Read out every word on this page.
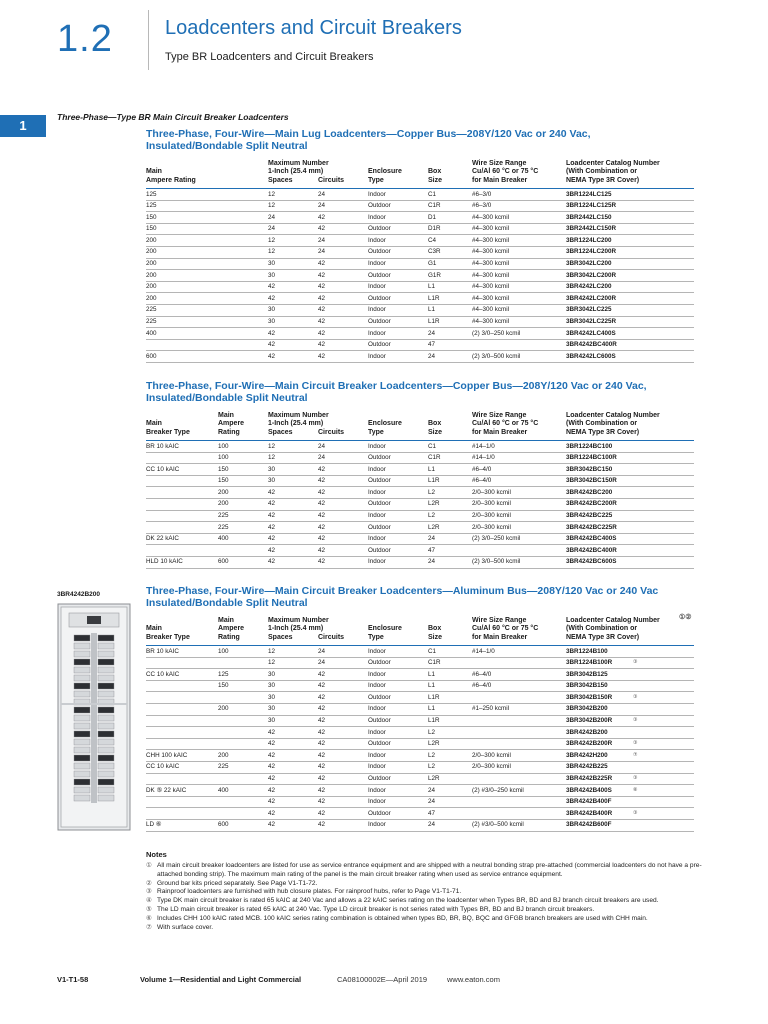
1.2	Loadcenters and Circuit Breakers
Type BR Loadcenters and Circuit Breakers
1
Three-Phase—Type BR Main Circuit Breaker Loadcenters
Three-Phase, Four-Wire—Main Lug Loadcenters—Copper Bus—208Y/120 Vac or 240 Vac,
Insulated/Bondable Split Neutral
Main
Ampere Rating
Maximum Number
1-Inch (25.4 mm)
Spaces	Circuits
Enclosure
Type
Box
Size
Wire Size Range
Cu/Al 60 °C or 75 °C
for Main Breaker
Loadcenter Catalog Number
(With Combination or
NEMA Type 3R Cover)
125	12	24	Indoor	C1	#6–3/0	3BR1224LC125
125	12	24	Outdoor	C1R	#6–3/0	3BR1224LC125R
150	24	42	Indoor	D1	#4–300 kcmil	3BR2442LC150
150	24	42	Outdoor	D1R	#4–300 kcmil	3BR2442LC150R
200	12	24	Indoor	C4	#4–300 kcmil	3BR1224LC200
200	12	24	Outdoor	C3R	#4–300 kcmil	3BR1224LC200R
200	30	42	Indoor	G1	#4–300 kcmil	3BR3042LC200
200	30	42	Outdoor	G1R	#4–300 kcmil	3BR3042LC200R
200	42	42	Indoor	L1	#4–300 kcmil	3BR4242LC200
200	42	42	Outdoor	L1R	#4–300 kcmil	3BR4242LC200R
225	30	42	Indoor	L1	#4–300 kcmil	3BR3042LC225
225	30	42	Outdoor	L1R	#4–300 kcmil	3BR3042LC225R
400	42	42	Indoor	24	(2) 3/0–250 kcmil	3BR4242LC400S
42	42	Outdoor	47	3BR4242BC400R
600	42	42	Indoor	24	(2) 3/0–500 kcmil	3BR4242LC600S
Three-Phase, Four-Wire—Main Circuit Breaker Loadcenters—Copper Bus—208Y/120 Vac or 240 Vac,
Insulated/Bondable Split Neutral
Main
Breaker Type
Main
Ampere
Rating
Maximum Number
1-Inch (25.4 mm)
Spaces	Circuits
Enclosure
Type
Box
Size
Wire Size Range
Cu/Al 60 °C or 75 °C
for Main Breaker
Loadcenter Catalog Number
(With Combination or
NEMA Type 3R Cover)
BR 10 kAIC	100	12	24	Indoor	C1	#14–1/0	3BR1224BC100
100	12	24	Outdoor	C1R	#14–1/0	3BR1224BC100R
CC 10 kAIC	150	30	42	Indoor	L1	#6–4/0	3BR3042BC150
150	30	42	Outdoor	L1R	#6–4/0	3BR3042BC150R
200	42	42	Indoor	L2	2/0–300 kcmil	3BR4242BC200
200	42	42	Outdoor	L2R	2/0–300 kcmil	3BR4242BC200R
225	42	42	Indoor	L2	2/0–300 kcmil	3BR4242BC225
225	42	42	Outdoor	L2R	2/0–300 kcmil	3BR4242BC225R
DK 22 kAIC	400	42	42	Indoor	24	(2) 3/0–250 kcmil	3BR4242BC400S
42	42	Outdoor	47	3BR4242BC400R
HLD 10 kAIC	600	42	42	Indoor	24	(2) 3/0–500 kcmil	3BR4242BC600S
Three-Phase, Four-Wire—Main Circuit Breaker Loadcenters—Aluminum Bus—208Y/120 Vac or 240 Vac
Insulated/Bondable Split Neutral
Main
Breaker Type
Main
Ampere
Rating
Maximum Number
1-Inch (25.4 mm)
Spaces	Circuits
Enclosure
Type
Box
Size
Wire Size Range
Cu/Al 60 °C or 75 °C
for Main Breaker
Loadcenter Catalog Number
(With Combination or
NEMA Type 3R Cover)
①②
BR 10 kAIC	100	12	24	Indoor	C1	#14–1/0	3BR1224B100
12	24	Outdoor	C1R	3BR1224B100R	③
CC 10 kAIC	125	30	42	Indoor	L1	#6–4/0	3BR3042B125
150	30	42	Indoor	L1	#6–4/0	3BR3042B150
30	42	Outdoor	L1R	3BR3042B150R	③
200	30	42	Indoor	L1	#1–250 kcmil	3BR3042B200
30	42	Outdoor	L1R	3BR3042B200R	③
42	42	Indoor	L2	3BR4242B200
42	42	Outdoor	L2R	3BR4242B200R	③
CHH 100 kAIC	200	42	42	Indoor	L2	2/0–300 kcmil	3BR4242H200	⑦
CC 10 kAIC	225	42	42	Indoor	L2	2/0–300 kcmil	3BR4242B225
42	42	Outdoor	L2R	3BR4242B225R	③
DK ⑤ 22 kAIC	400	42	42	Indoor	24	(2) #3/0–250 kcmil	3BR4242B400S	⑧
42	42	Indoor	24	3BR4242B400F
42	42	Outdoor	47	3BR4242B400R	③
LD ⑥	600	42	42	Indoor	24	(2) #3/0–500 kcmil	3BR4242B600F
3BR4242B200
Notes
① All main circuit breaker loadcenters are listed for use as service entrance equipment and are shipped with a neutral bonding strap pre-attached (commercial loadcenters do not have a pre-attached bonding strip). The maximum main rating of the panel is the main circuit breaker rating when used as service entrance equipment.
② Ground bar kits priced separately. See Page V1-T1-72.
③ Rainproof loadcenters are furnished with hub closure plates. For rainproof hubs, refer to Page V1-T1-71.
④ Type DK main circuit breaker is rated 65 kAIC at 240 Vac and allows a 22 kAIC series rating on the loadcenter when Types BR, BD and BJ branch circuit breakers are used.
⑤ The LD main circuit breaker is rated 65 kAIC at 240 Vac. Type LD circuit breaker is not series rated with Types BR, BD and BJ branch circuit breakers.
⑥ Includes CHH 100 kAIC rated MCB. 100 kAIC series rating combination is obtained when types BD, BR, BQ, BQC and GFGB branch breakers are used with CHH main.
⑦ With surface cover.
V1-T1-58	Volume 1—Residential and Light Commercial	CA08100002E—April 2019	www.eaton.com
